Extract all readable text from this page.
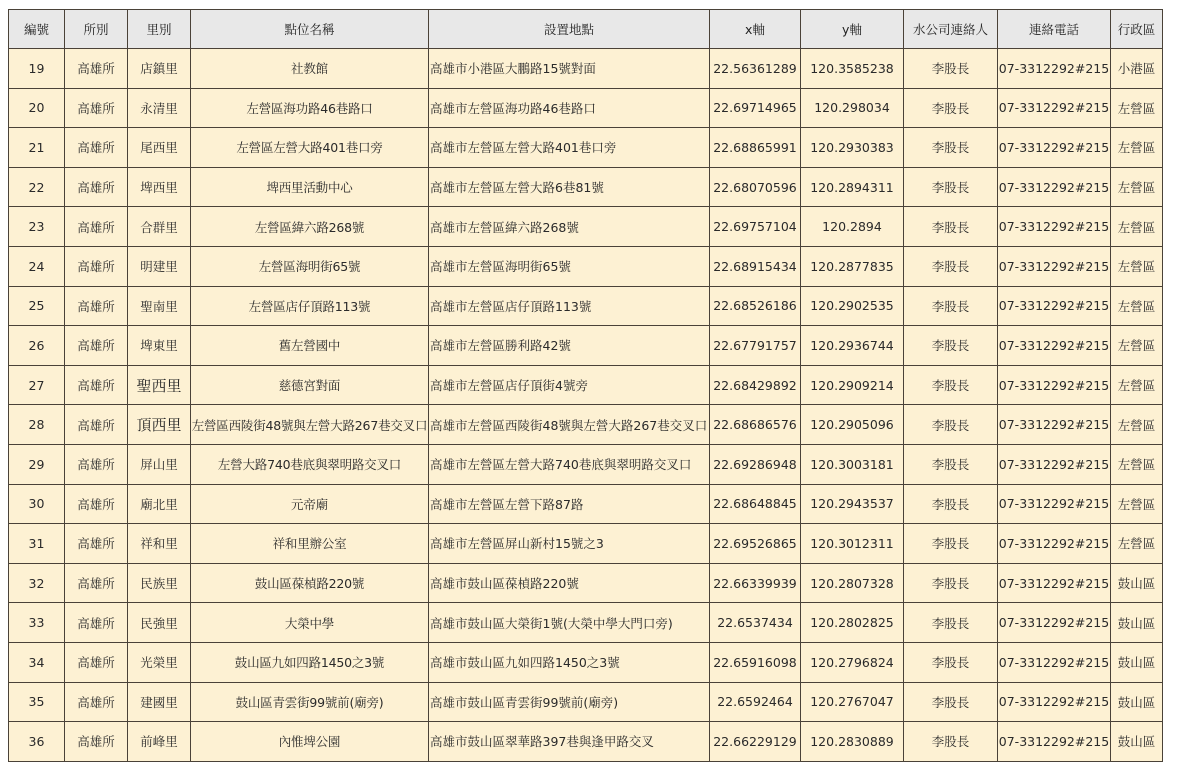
編號	所別	里別	點位名稱	設置地點	x軸	y軸	水公司連絡人	連絡電話	行政區
19	高雄所	店鎮里	社教館	高雄市小港區大鵬路15號對面	22.56361289	120.3585238	李股長	07-3312292#215	小港區
20	高雄所	永清里	左營區海功路46巷路口	高雄市左營區海功路46巷路口	22.69714965	120.298034	李股長	07-3312292#215	左營區
21	高雄所	尾西里	左營區左營大路401巷口旁	高雄市左營區左營大路401巷口旁	22.68865991	120.2930383	李股長	07-3312292#215	左營區
22	高雄所	埤西里	埤西里活動中心	高雄市左營區左營大路6巷81號	22.68070596	120.2894311	李股長	07-3312292#215	左營區
23	高雄所	合群里	左營區緯六路268號	高雄市左營區緯六路268號	22.69757104	120.2894	李股長	07-3312292#215	左營區
24	高雄所	明建里	左營區海明街65號	高雄市左營區海明街65號	22.68915434	120.2877835	李股長	07-3312292#215	左營區
25	高雄所	聖南里	左營區店仔頂路113號	高雄市左營區店仔頂路113號	22.68526186	120.2902535	李股長	07-3312292#215	左營區
26	高雄所	埤東里	舊左營國中	高雄市左營區勝利路42號	22.67791757	120.2936744	李股長	07-3312292#215	左營區
27	高雄所	聖西里	慈德宮對面	高雄市左營區店仔頂街4號旁	22.68429892	120.2909214	李股長	07-3312292#215	左營區
28	高雄所	頂西里	左營區西陵街48號與左營大路267巷交叉口	高雄市左營區西陵街48號與左營大路267巷交叉口	22.68686576	120.2905096	李股長	07-3312292#215	左營區
29	高雄所	屏山里	左營大路740巷底與翠明路交叉口	高雄市左營區左營大路740巷底與翠明路交叉口	22.69286948	120.3003181	李股長	07-3312292#215	左營區
30	高雄所	廟北里	元帝廟	高雄市左營區左營下路87路	22.68648845	120.2943537	李股長	07-3312292#215	左營區
31	高雄所	祥和里	祥和里辦公室	高雄市左營區屏山新村15號之3	22.69526865	120.3012311	李股長	07-3312292#215	左營區
32	高雄所	民族里	鼓山區葆楨路220號	高雄市鼓山區葆楨路220號	22.66339939	120.2807328	李股長	07-3312292#215	鼓山區
33	高雄所	民強里	大榮中學	高雄市鼓山區大榮街1號(大榮中學大門口旁)	22.6537434	120.2802825	李股長	07-3312292#215	鼓山區
34	高雄所	光榮里	鼓山區九如四路1450之3號	高雄市鼓山區九如四路1450之3號	22.65916098	120.2796824	李股長	07-3312292#215	鼓山區
35	高雄所	建國里	鼓山區青雲街99號前(廟旁)	高雄市鼓山區青雲街99號前(廟旁)	22.6592464	120.2767047	李股長	07-3312292#215	鼓山區
36	高雄所	前峰里	內惟埤公園	高雄市鼓山區翠華路397巷與逢甲路交叉	22.66229129	120.2830889	李股長	07-3312292#215	鼓山區
